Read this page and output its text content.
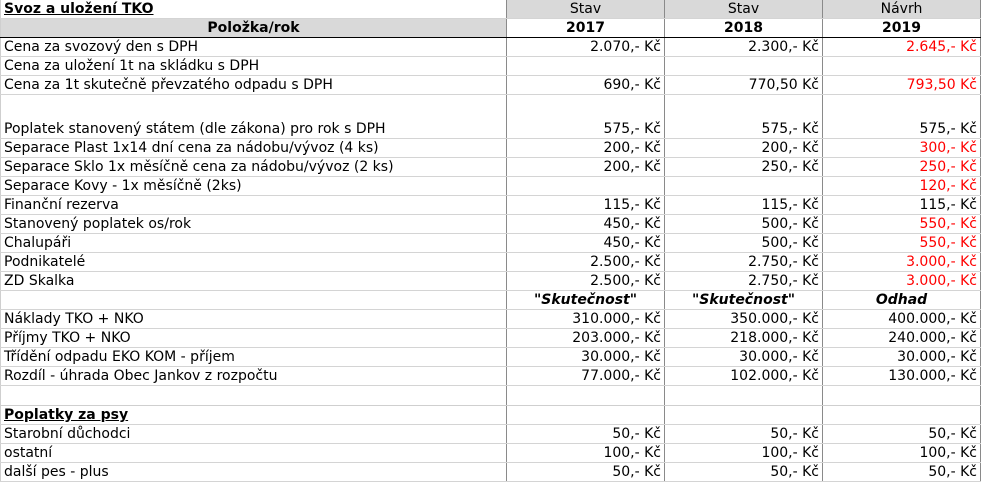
Svoz a uložení TKO	Stav	Stav	Návrh
Položka/rok	2017	2018	2019
Cena za svozový den s DPH	2.070,- Kč	2.300,- Kč	2.645,- Kč
Cena za uložení 1t na skládku s DPH			
Cena za 1t skutečně převzatého odpadu s DPH	690,- Kč	770,50 Kč	793,50 Kč
Poplatek stanovený státem (dle zákona) pro rok s DPH	575,- Kč	575,- Kč	575,- Kč
Separace Plast 1x14 dní cena za nádobu/vývoz (4 ks)	200,- Kč	200,- Kč	300,- Kč
Separace Sklo 1x měsíčně cena za nádobu/vývoz (2 ks)	200,- Kč	250,- Kč	250,- Kč
Separace Kovy - 1x měsíčně (2ks)			120,- Kč
Finanční rezerva	115,- Kč	115,- Kč	115,- Kč
Stanovený poplatek os/rok	450,- Kč	500,- Kč	550,- Kč
Chalupáři	450,- Kč	500,- Kč	550,- Kč
Podnikatelé	2.500,- Kč	2.750,- Kč	3.000,- Kč
ZD Skalka	2.500,- Kč	2.750,- Kč	3.000,- Kč
	"Skutečnost"	"Skutečnost"	Odhad
Náklady TKO + NKO	310.000,- Kč	350.000,- Kč	400.000,- Kč
Příjmy TKO + NKO	203.000,- Kč	218.000,- Kč	240.000,- Kč
Třídění odpadu EKO KOM - příjem	30.000,- Kč	30.000,- Kč	30.000,- Kč
Rozdíl - úhrada Obec Jankov z rozpočtu	77.000,- Kč	102.000,- Kč	130.000,- Kč

Poplatky za psy			
Starobní důchodci	50,- Kč	50,- Kč	50,- Kč
ostatní	100,- Kč	100,- Kč	100,- Kč
další pes - plus	50,- Kč	50,- Kč	50,- Kč
